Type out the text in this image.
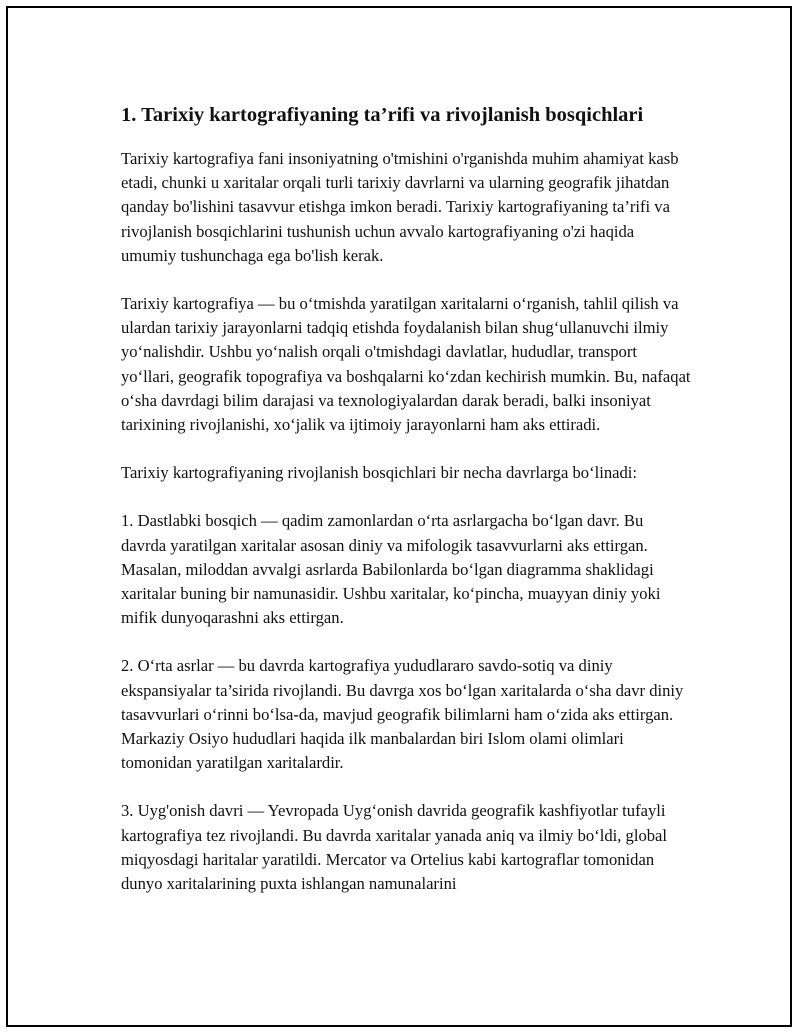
1. Tarixiy kartografiyaning ta’rifi va rivojlanish bosqichlari

Tarixiy kartografiya fani insoniyatning o'tmishini o'rganishda muhim ahamiyat kasb etadi, chunki u xaritalar orqali turli tarixiy davrlarni va ularning geografik jihatdan qanday bo'lishini tasavvur etishga imkon beradi. Tarixiy kartografiyaning ta’rifi va rivojlanish bosqichlarini tushunish uchun avvalo kartografiyaning o'zi haqida umumiy tushunchaga ega bo'lish kerak.

Tarixiy kartografiya — bu o‘tmishda yaratilgan xaritalarni o‘rganish, tahlil qilish va ulardan tarixiy jarayonlarni tadqiq etishda foydalanish bilan shug‘ullanuvchi ilmiy yo‘nalishdir. Ushbu yo‘nalish orqali o'tmishdagi davlatlar, hududlar, transport yo‘llari, geografik topografiya va boshqalarni ko‘zdan kechirish mumkin. Bu, nafaqat o‘sha davrdagi bilim darajasi va texnologiyalardan darak beradi, balki insoniyat tarixining rivojlanishi, xo‘jalik va ijtimoiy jarayonlarni ham aks ettiradi.

Tarixiy kartografiyaning rivojlanish bosqichlari bir necha davrlarga bo‘linadi:

1. Dastlabki bosqich — qadim zamonlardan o‘rta asrlargacha bo‘lgan davr. Bu davrda yaratilgan xaritalar asosan diniy va mifologik tasavvurlarni aks ettirgan. Masalan, miloddan avvalgi asrlarda Babilonlarda bo‘lgan diagramma shaklidagi xaritalar buning bir namunasidir. Ushbu xaritalar, ko‘pincha, muayyan diniy yoki mifik dunyoqarashni aks ettirgan.

2. O‘rta asrlar — bu davrda kartografiya yududlararo savdo-sotiq va diniy ekspansiyalar ta’sirida rivojlandi. Bu davrga xos bo‘lgan xaritalarda o‘sha davr diniy tasavvurlari o‘rinni bo‘lsa-da, mavjud geografik bilimlarni ham o‘zida aks ettirgan. Markaziy Osiyo hududlari haqida ilk manbalardan biri Islom olami olimlari tomonidan yaratilgan xaritalardir.

3. Uyg'onish davri — Yevropada Uyg‘onish davrida geografik kashfiyotlar tufayli kartografiya tez rivojlandi. Bu davrda xaritalar yanada aniq va ilmiy bo‘ldi, global miqyosdagi haritalar yaratildi. Mercator va Ortelius kabi kartograflar tomonidan dunyo xaritalarining puxta ishlangan namunalarini
